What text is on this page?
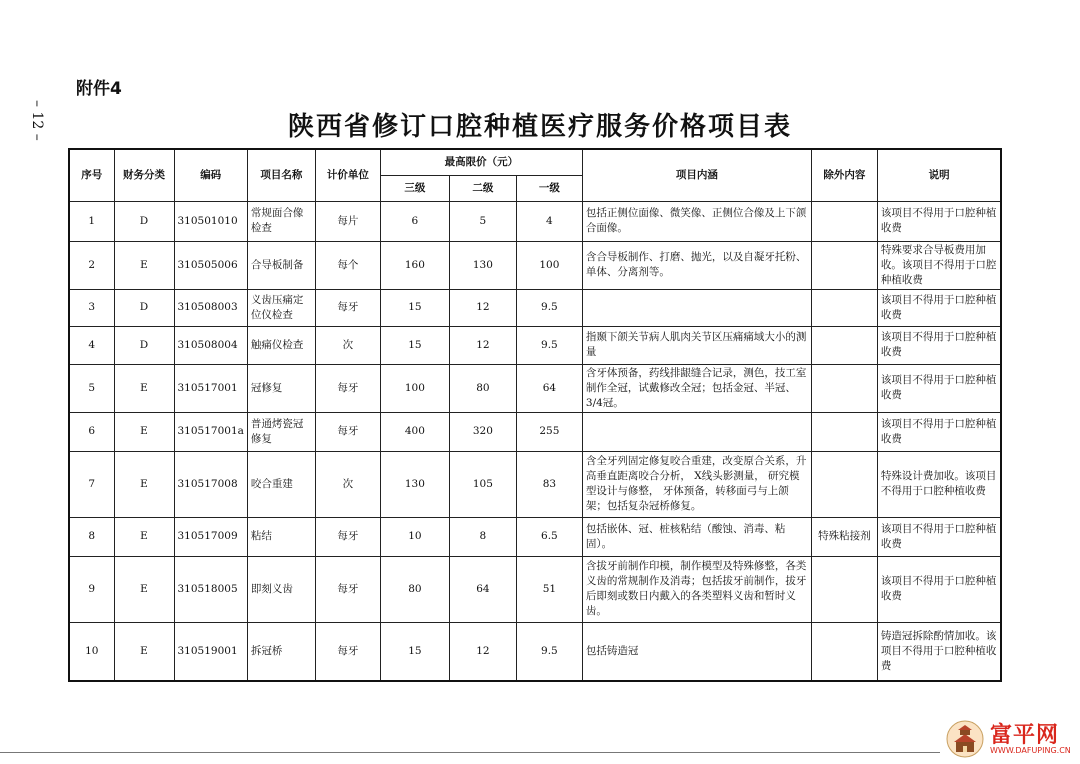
附件4
– 12 –	陕西省修订口腔种植医疗服务价格项目表
序号	财务分类	编码	项目名称	计价单位	最高限价（元）			项目内涵	除外内容	说明
					三级	二级	一级			
1	D	310501010	常规面合像检查	每片	6	5	4	包括正侧位面像、微笑像、正侧位合像及上下颌合面像。		该项目不得用于口腔种植收费
2	E	310505006	合导板制备	每个	160	130	100	含合导板制作、打磨、抛光，以及自凝牙托粉、单体、分离剂等。		特殊要求合导板费用加收。该项目不得用于口腔种植收费
3	D	310508003	义齿压痛定位仪检查	每牙	15	12	9.5			该项目不得用于口腔种植收费
4	D	310508004	触痛仪检查	次	15	12	9.5	指颞下颌关节病人肌肉关节区压痛痛域大小的测量		该项目不得用于口腔种植收费
5	E	310517001	冠修复	每牙	100	80	64	含牙体预备，药线排龈缝合记录，测色，技工室制作全冠，试戴修改全冠；包括金冠、半冠、3/4冠。		该项目不得用于口腔种植收费
6	E	310517001a	普通烤瓷冠修复	每牙	400	320	255			该项目不得用于口腔种植收费
7	E	310517008	咬合重建	次	130	105	83	含全牙列固定修复咬合重建，改变原合关系，升高垂直距离咬合分析， X线头影测量， 研究模型设计与修整， 牙体预备，转移面弓与上颌架；包括复杂冠桥修复。		特殊设计费加收。该项目不得用于口腔种植收费
8	E	310517009	粘结	每牙	10	8	6.5	包括嵌体、冠、桩核粘结（酸蚀、消毒、粘固）。	特殊粘接剂	该项目不得用于口腔种植收费
9	E	310518005	即刻义齿	每牙	80	64	51	含拔牙前制作印模，制作模型及特殊修整，各类义齿的常规制作及消毒；包括拔牙前制作，拔牙后即刻或数日内戴入的各类塑料义齿和暂时义齿。		该项目不得用于口腔种植收费
10	E	310519001	拆冠桥	每牙	15	12	9.5	包括铸造冠		铸造冠拆除酌情加收。该项目不得用于口腔种植收费
富平网
WWW.DAFUPING.CN
